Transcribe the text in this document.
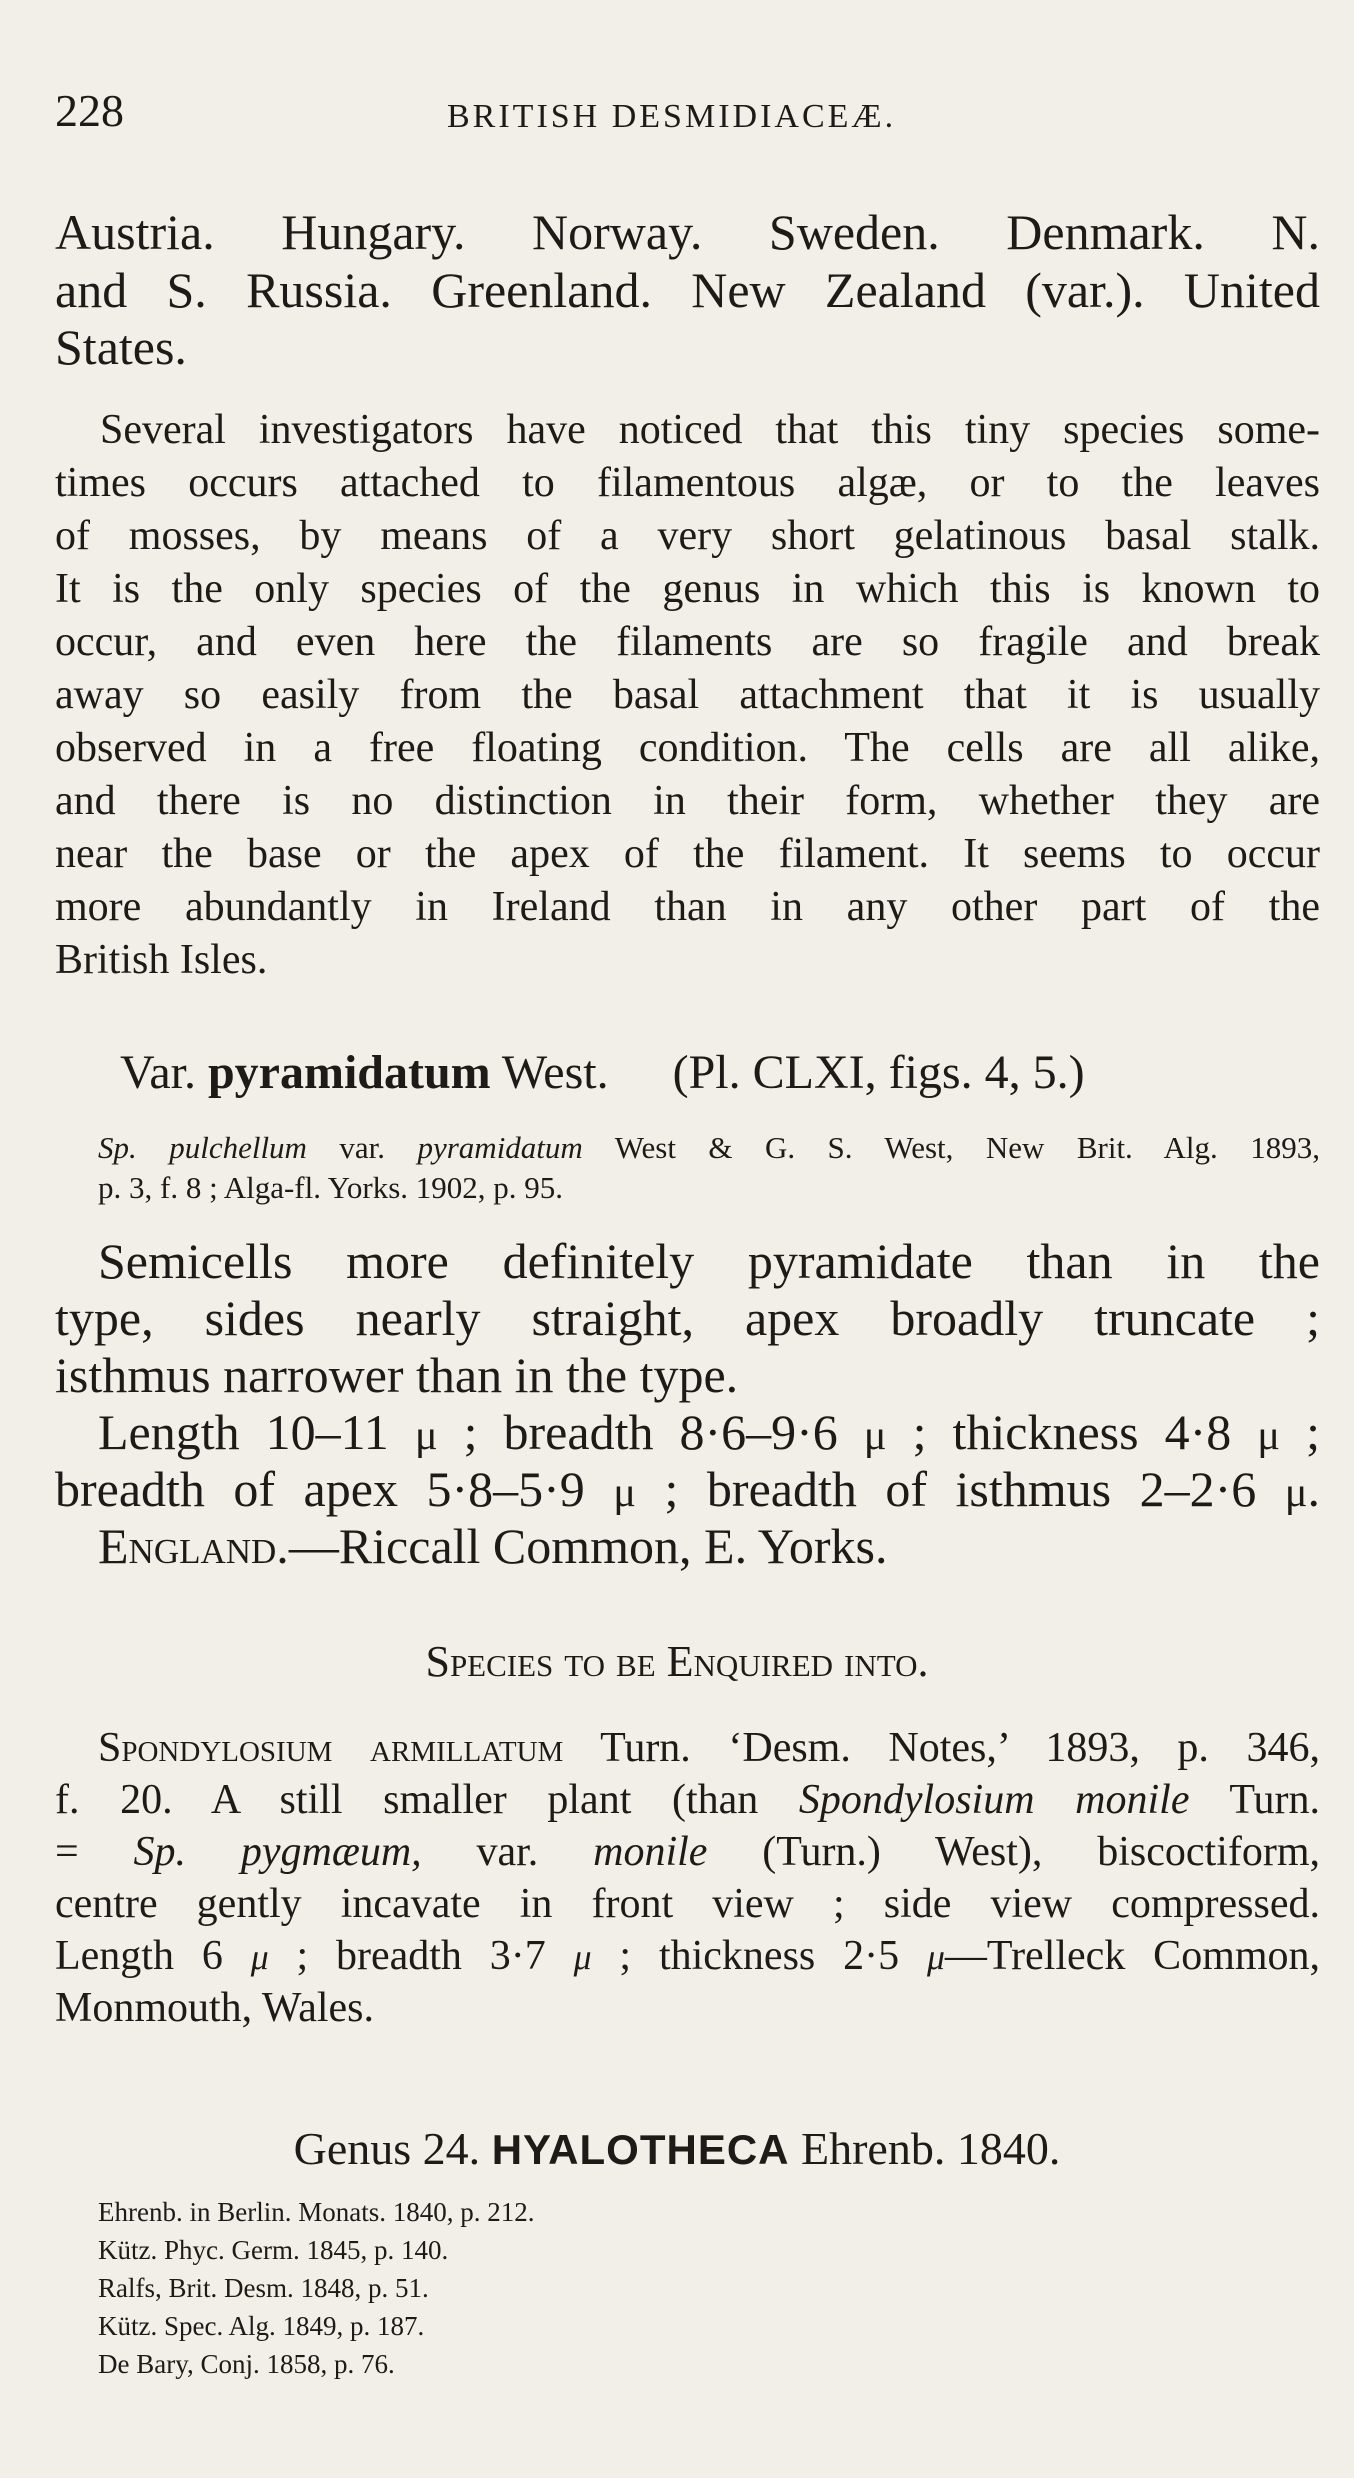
228	BRITISH DESMIDIACEÆ.
Austria. Hungary. Norway. Sweden. Denmark. N.
and S. Russia. Greenland. New Zealand (var.). United
States.
Several investigators have noticed that this tiny species some-
times occurs attached to filamentous algæ, or to the leaves
of mosses, by means of a very short gelatinous basal stalk.
It is the only species of the genus in which this is known to
occur, and even here the filaments are so fragile and break
away so easily from the basal attachment that it is usually
observed in a free floating condition. The cells are all alike,
and there is no distinction in their form, whether they are
near the base or the apex of the filament. It seems to occur
more abundantly in Ireland than in any other part of the
British Isles.
Var. pyramidatum West. (Pl. CLXI, figs. 4, 5.)
Sp. pulchellum var. pyramidatum West & G. S. West, New Brit. Alg. 1893,
p. 3, f. 8 ; Alga-fl. Yorks. 1902, p. 95.
Semicells more definitely pyramidate than in the
type, sides nearly straight, apex broadly truncate ;
isthmus narrower than in the type.
Length 10–11 μ ; breadth 8·6–9·6 μ ; thickness 4·8 μ ;
breadth of apex 5·8–5·9 μ ; breadth of isthmus 2–2·6 μ.
England.—Riccall Common, E. Yorks.
Species to be Enquired into.
Spondylosium armillatum Turn. ‘Desm. Notes,’ 1893, p. 346,
f. 20. A still smaller plant (than Spondylosium monile Turn.
= Sp. pygmæum, var. monile (Turn.) West), biscoctiform,
centre gently incavate in front view ; side view compressed.
Length 6 μ ; breadth 3·7 μ ; thickness 2·5 μ—Trelleck Common,
Monmouth, Wales.
Genus 24. HYALOTHECA Ehrenb. 1840.
Ehrenb. in Berlin. Monats. 1840, p. 212.
Kütz. Phyc. Germ. 1845, p. 140.
Ralfs, Brit. Desm. 1848, p. 51.
Kütz. Spec. Alg. 1849, p. 187.
De Bary, Conj. 1858, p. 76.
